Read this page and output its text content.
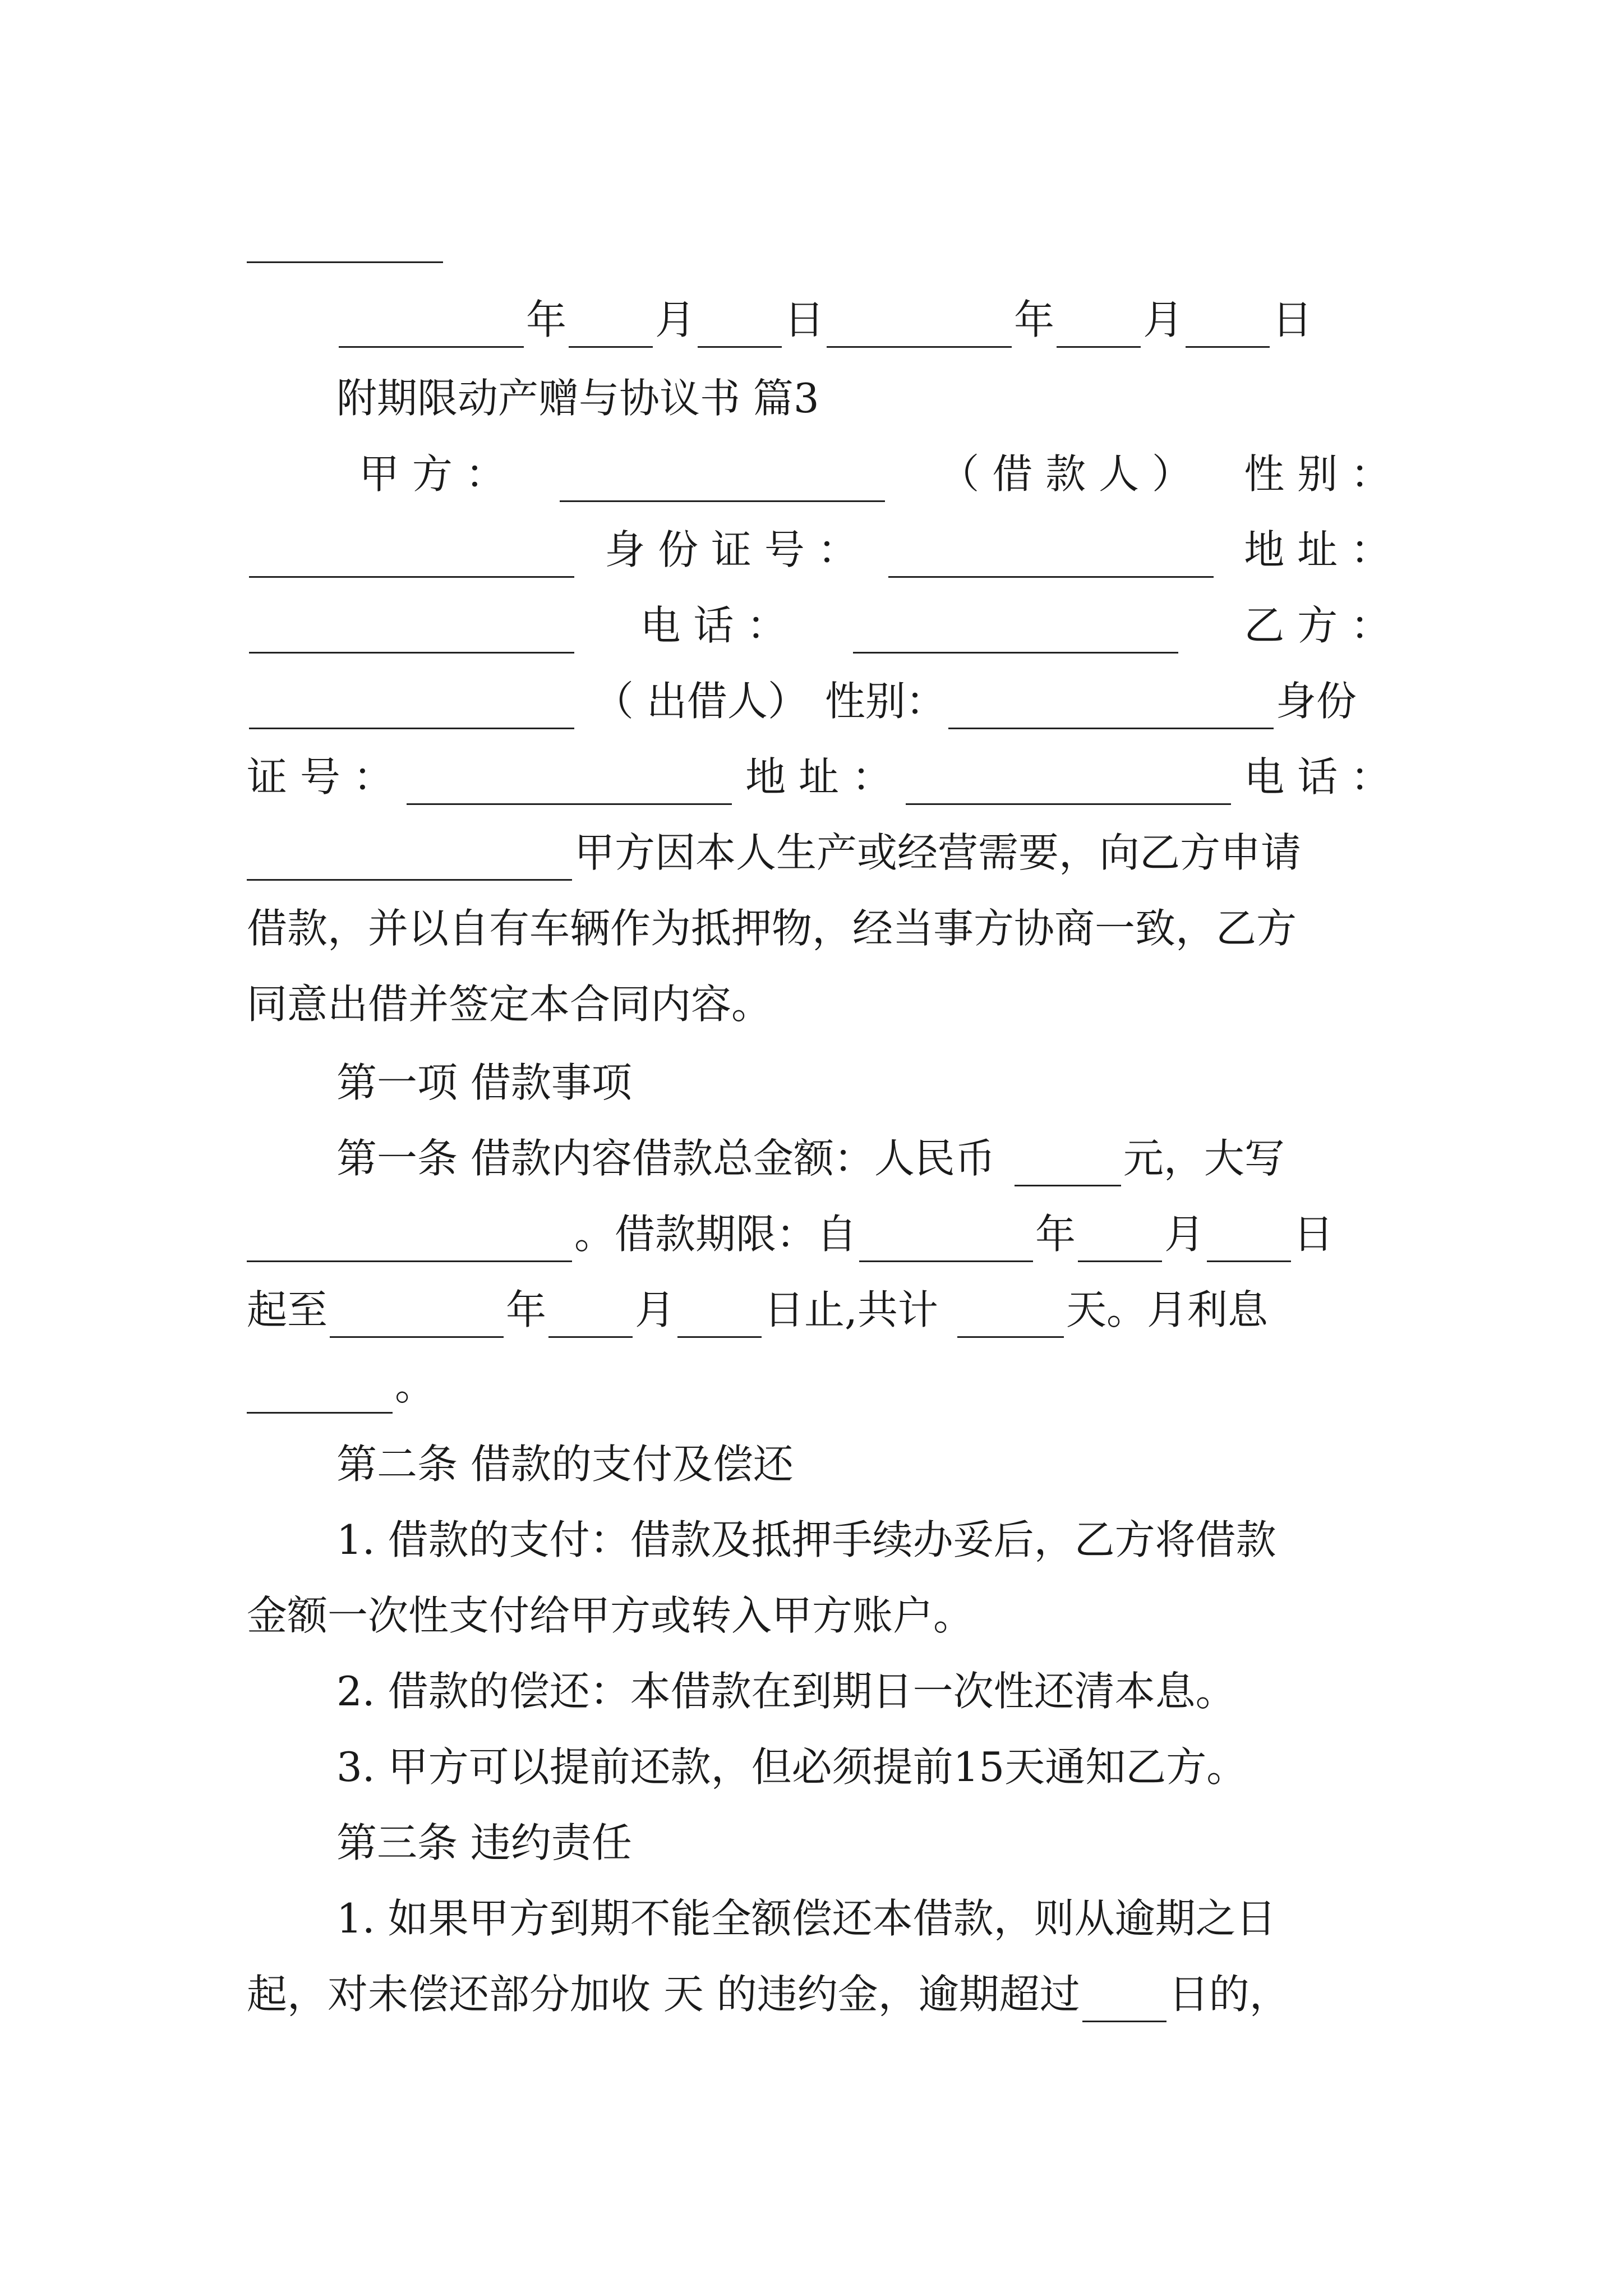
年 月 日	年 月 日
附期限动产赠与协议书 篇3
甲 方 ：	（ 借 款 人 ） 性 别 ：
身 份 证 号 ：	地 址 ：
电 话 ：	乙 方 ：
（ 出借人） 性别：	身份
证 号 ：	地 址 ：	电 话 ：
甲方因本人生产或经营需要，向乙方申请
借款，并以自有车辆作为抵押物，经当事方协商一致，乙方
同意出借并签定本合同内容。
第一项 借款事项
第一条 借款内容借款总金额：人民币	元，大写
。借款期限：自	年 月 日
起至	年 月 日止,共计	天。月利息
。
第二条 借款的支付及偿还
1. 借款的支付：借款及抵押手续办妥后，乙方将借款
金额一次性支付给甲方或转入甲方账户。
2. 借款的偿还：本借款在到期日一次性还清本息。
3. 甲方可以提前还款，但必须提前15天通知乙方。
第三条 违约责任
1. 如果甲方到期不能全额偿还本借款，则从逾期之日
起，对未偿还部分加收 天 的违约金，逾期超过 日的，
